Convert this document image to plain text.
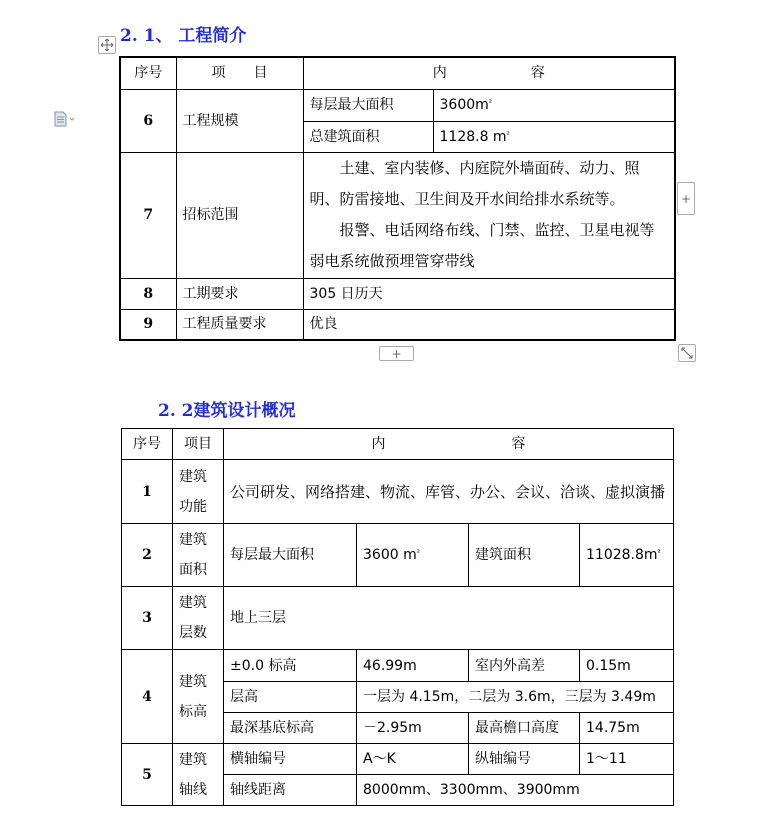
2. 1、 工程简介
序号	项　　目	内　　　　　　容	
6	工程规模	每层最大面积	$3600m^{^2}$
		总建筑面积	1128.8 $m^{^2}$
7	招标范围	土建、室内装修、内庭院外墙面砖、动力、照明、防雷接地、卫生间及开水间给排水系统等。
报警、电话网络布线、门禁、监控、卫星电视等弱电系统做预埋管穿带线	

8	工期要求	305 日历天	
9	工程质量要求	优良	
+
+
2. 2建筑设计概况
序号	项目	内　　　　　　　　　容			
1	建筑功能	公司研发、网络搭建、物流、库管、办公、会议、洽谈、虚拟演播			
2	建筑面积	每层最大面积	3600 $m^{^2}$	建筑面积	$11028.8m^{^2}$
3	建筑层数	地上三层			
4	建筑标高	±0.0 标高	46.99m	室内外高差	0.15m
		层高	一层为 4.15m，二层为 3.6m，三层为 3.49m		
		最深基底标高	－2.95m	最高檐口高度	14.75m
5	建筑轴线	横轴编号	A～K	纵轴编号	1～11
		轴线距离	8000mm、3300mm、3900mm		
